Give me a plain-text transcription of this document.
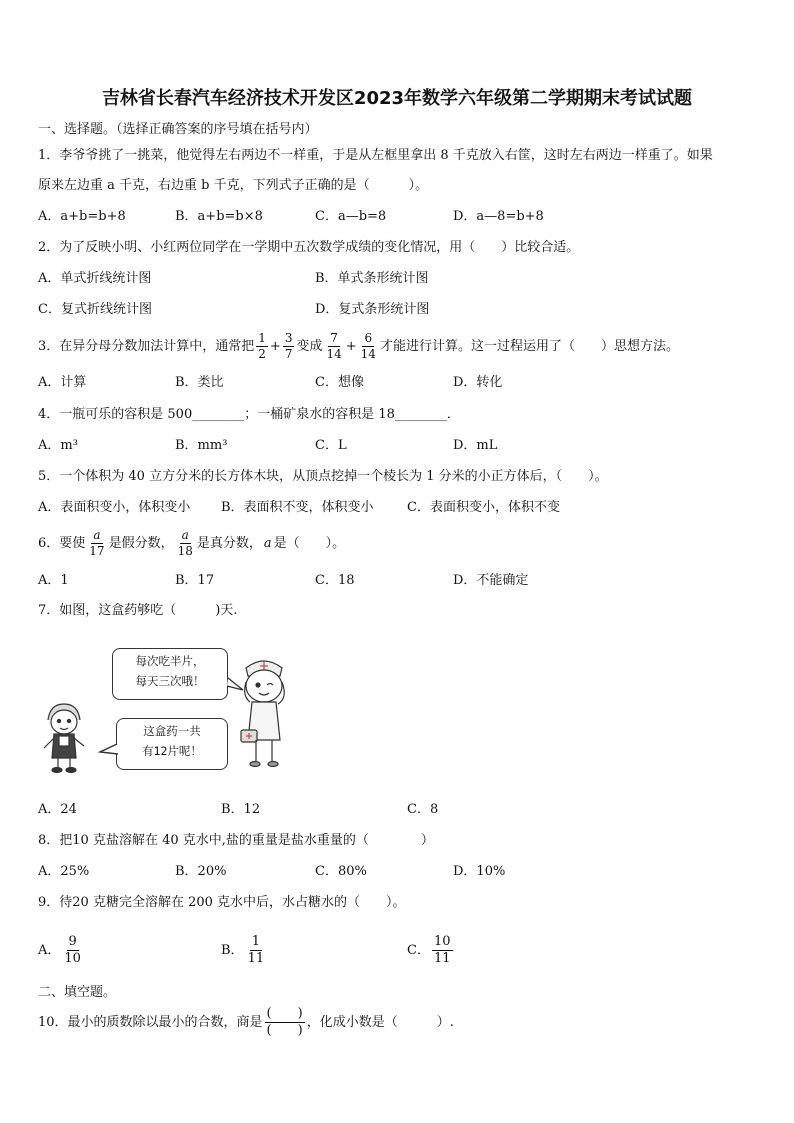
吉林省长春汽车经济技术开发区2023年数学六年级第二学期期末考试试题
一、选择题。（选择正确答案的序号填在括号内）
1．李爷爷挑了一挑菜，他觉得左右两边不一样重，于是从左框里拿出 8 千克放入右筐，这时左右两边一样重了。如果
原来左边重 a 千克，右边重 b 千克，下列式子正确的是（　　　）。
A．a+b=b+8	B．a+b=b×8	C．a—b=8	D．a—8=b+8
2．为了反映小明、小红两位同学在一学期中五次数学成绩的变化情况，用（　　）比较合适。
A．单式折线统计图	B．单式条形统计图
C．复式折线统计图	D．复式条形统计图
3．在异分母分数加法计算中，通常把 $\frac{1}{2} + \frac{3}{7}$ 变成 $\frac{7}{14} + \frac{6}{14}$ 才能进行计算。这一过程运用了（　　）思想方法。
A．计算	B．类比	C．想像	D．转化
4．一瓶可乐的容积是 500________；一桶矿泉水的容积是 18________．
A．m³	B．mm³	C．L	D．mL
5．一个体积为 40 立方分米的长方体木块，从顶点挖掉一个棱长为 1 分米的小正方体后，（　　）。
A．表面积变小，体积变小 B．表面积不变，体积变小	C．表面积变小，体积不变
6．要使 $\frac{a}{17}$ 是假分数， $\frac{a}{18}$ 是真分数， a 是（　　）。
A．1	B．17	C．18	D．不能确定
7．如图，这盒药够吃（　　　)天.
每次吃半片，
每天三次哦！
这盒药一共
有12片呢！
A．24	B．12	C．8
8．把10 克盐溶解在 40 克水中,盐的重量是盐水重量的（　　　　）
A．25%	B．20%	C．80%	D．10%
9．待20 克糖完全溶解在 200 克水中后，水占糖水的（　　）。
A． $\frac{9}{10}$	B． $\frac{1}{11}$	C． $\frac{10}{11}$
二、填空题。
10．最小的质数除以最小的合数，商是 $\frac{( )}{( )}$ ，化成小数是（　　　）.
